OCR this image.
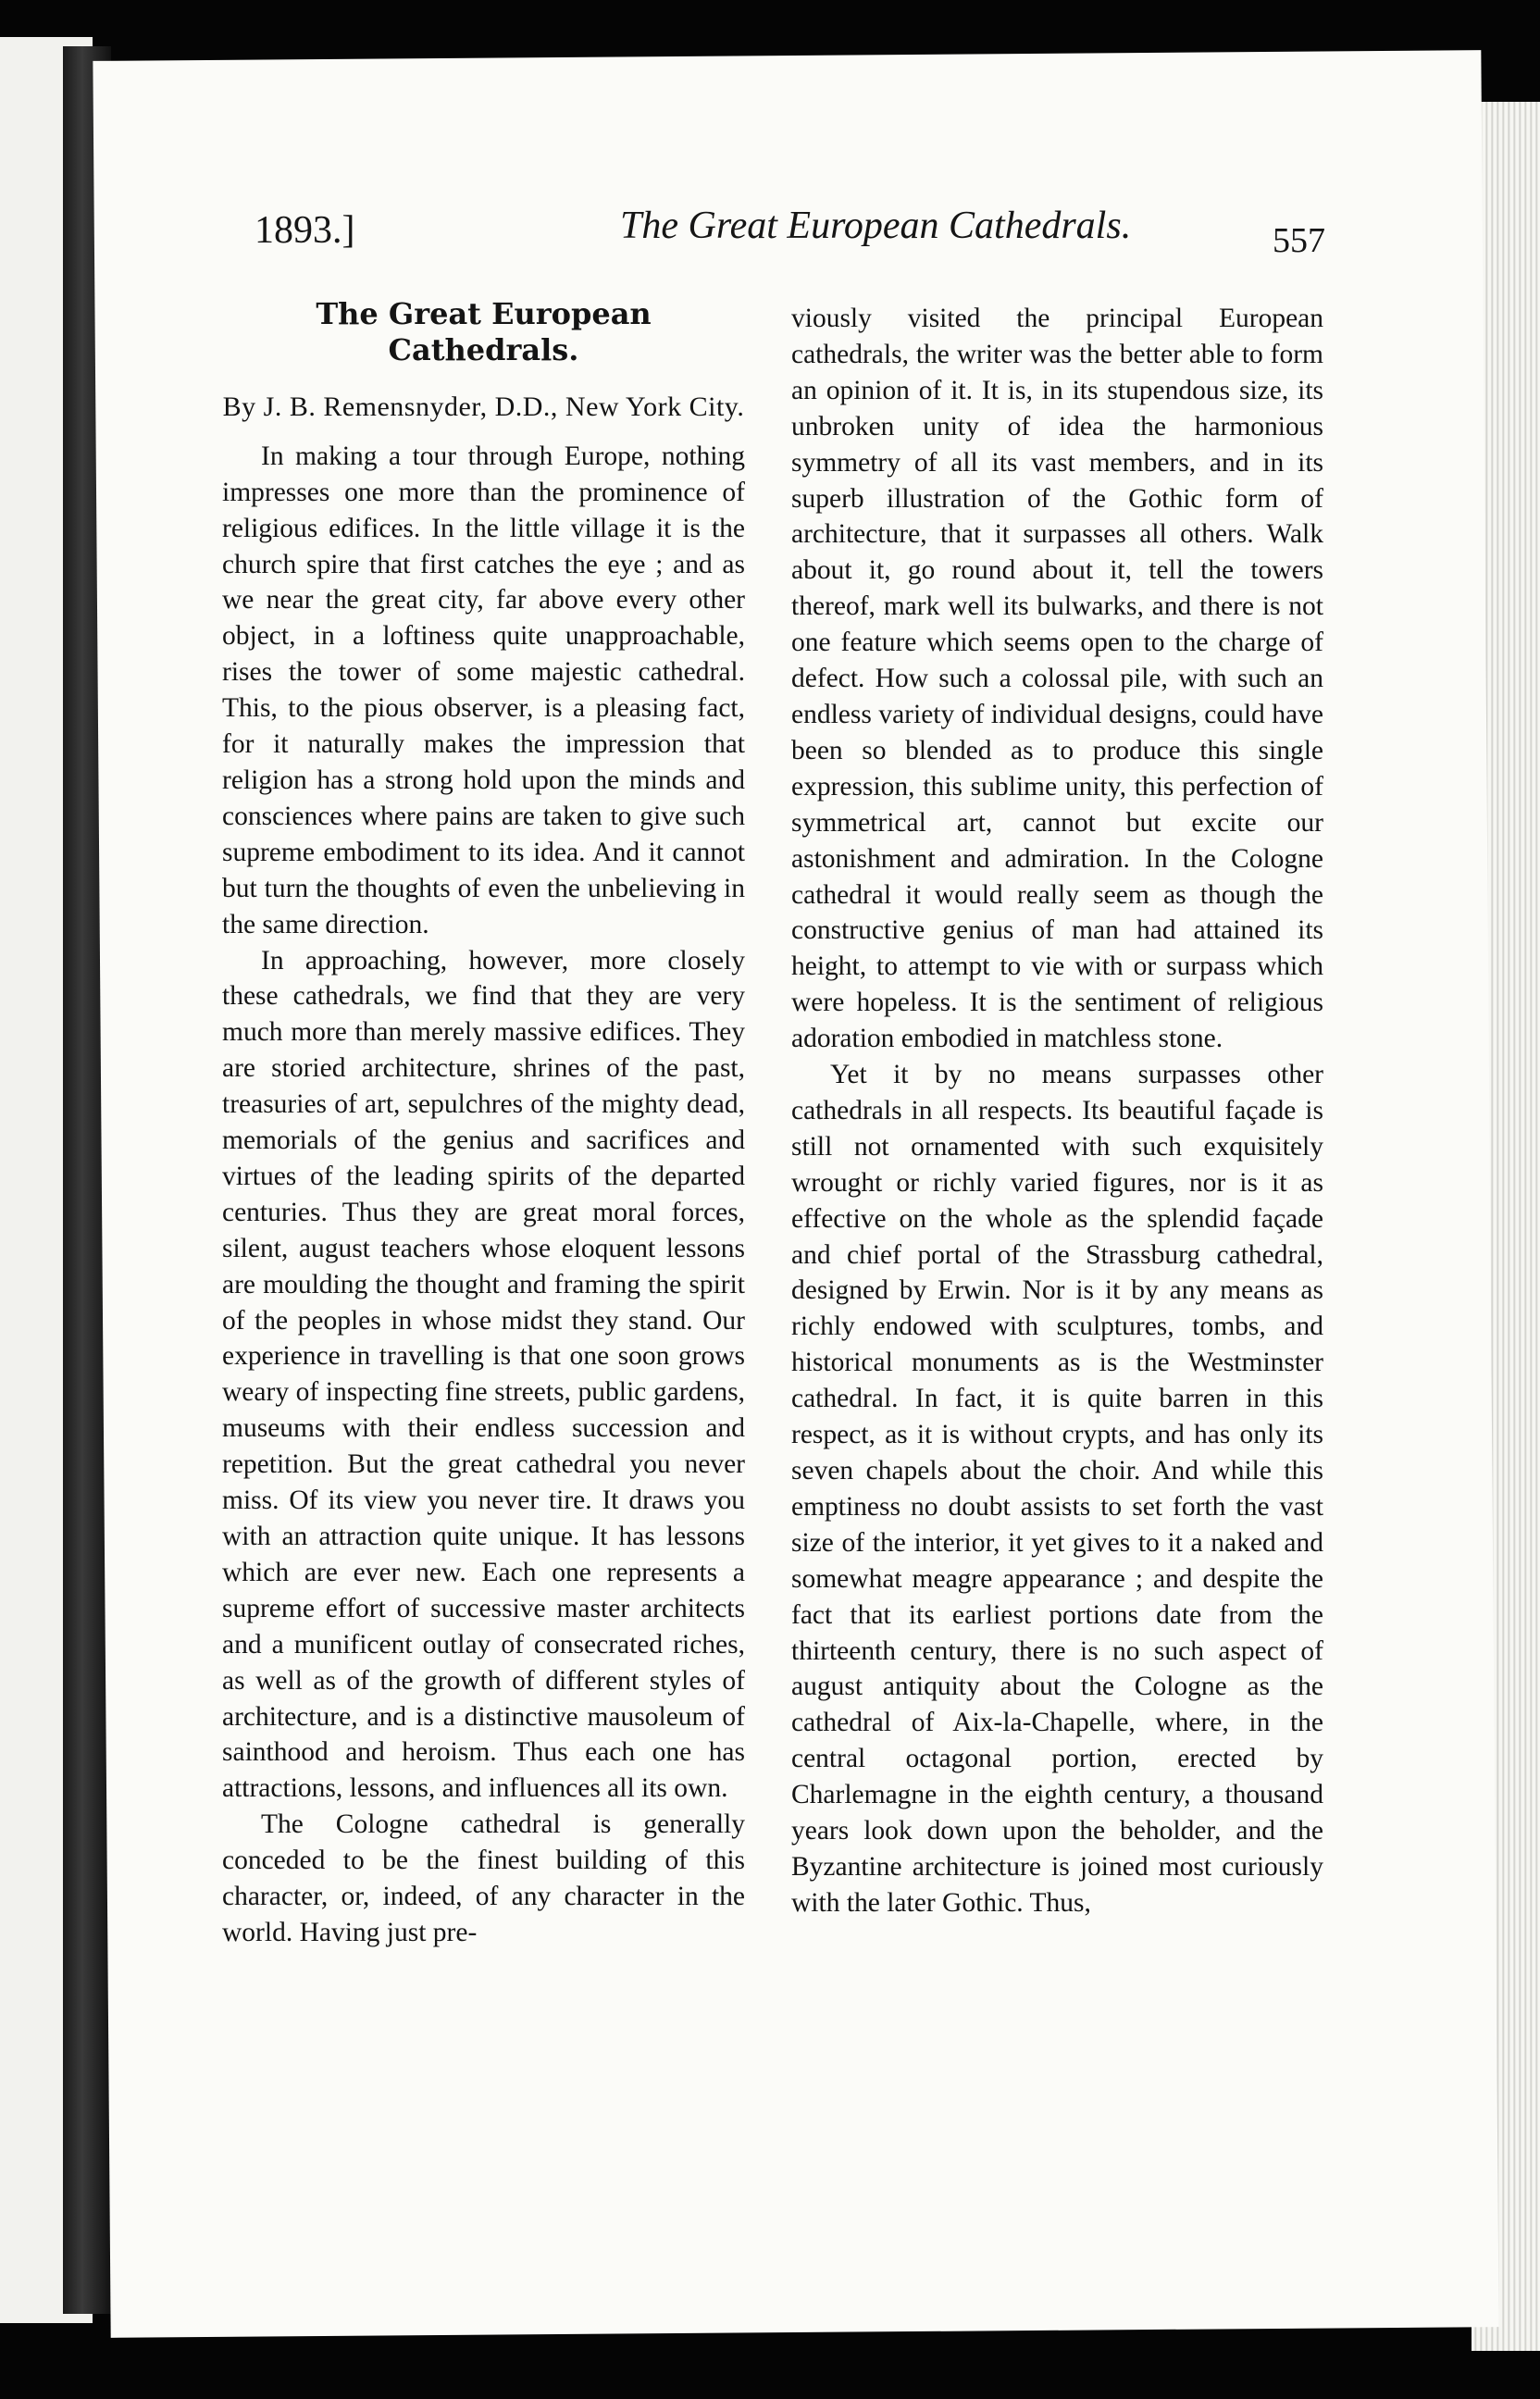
1893.]	The Great European Cathedrals.	557

The Great European Cathedrals.

By J. B. Remensnyder, D.D., New York City.

In making a tour through Europe, nothing impresses one more than the prominence of religious edifices. In the little village it is the church spire that first catches the eye ; and as we near the great city, far above every other object, in a loftiness quite unapproachable, rises the tower of some majestic cathedral. This, to the pious observer, is a pleasing fact, for it naturally makes the impression that religion has a strong hold upon the minds and consciences where pains are taken to give such supreme embodiment to its idea. And it cannot but turn the thoughts of even the unbelieving in the same direction.

In approaching, however, more closely these cathedrals, we find that they are very much more than merely massive edifices. They are storied architecture, shrines of the past, treasuries of art, sepulchres of the mighty dead, memorials of the genius and sacrifices and virtues of the leading spirits of the departed centuries. Thus they are great moral forces, silent, august teachers whose eloquent lessons are moulding the thought and framing the spirit of the peoples in whose midst they stand. Our experience in travelling is that one soon grows weary of inspecting fine streets, public gardens, museums with their endless succession and repetition. But the great cathedral you never miss. Of its view you never tire. It draws you with an attraction quite unique. It has lessons which are ever new. Each one represents a supreme effort of successive master architects and a munificent outlay of consecrated riches, as well as of the growth of different styles of architecture, and is a distinctive mausoleum of sainthood and heroism. Thus each one has attractions, lessons, and influences all its own.

The Cologne cathedral is generally conceded to be the finest building of this character, or, indeed, of any character in the world. Having just pre-

viously visited the principal European cathedrals, the writer was the better able to form an opinion of it. It is, in its stupendous size, its unbroken unity of idea the harmonious symmetry of all its vast members, and in its superb illustration of the Gothic form of architecture, that it surpasses all others. Walk about it, go round about it, tell the towers thereof, mark well its bulwarks, and there is not one feature which seems open to the charge of defect. How such a colossal pile, with such an endless variety of individual designs, could have been so blended as to produce this single expression, this sublime unity, this perfection of symmetrical art, cannot but excite our astonishment and admiration. In the Cologne cathedral it would really seem as though the constructive genius of man had attained its height, to attempt to vie with or surpass which were hopeless. It is the sentiment of religious adoration embodied in matchless stone.

Yet it by no means surpasses other cathedrals in all respects. Its beautiful façade is still not ornamented with such exquisitely wrought or richly varied figures, nor is it as effective on the whole as the splendid façade and chief portal of the Strassburg cathedral, designed by Erwin. Nor is it by any means as richly endowed with sculptures, tombs, and historical monuments as is the Westminster cathedral. In fact, it is quite barren in this respect, as it is without crypts, and has only its seven chapels about the choir. And while this emptiness no doubt assists to set forth the vast size of the interior, it yet gives to it a naked and somewhat meagre appearance ; and despite the fact that its earliest portions date from the thirteenth century, there is no such aspect of august antiquity about the Cologne as the cathedral of Aix-la-Chapelle, where, in the central octagonal portion, erected by Charlemagne in the eighth century, a thousand years look down upon the beholder, and the Byzantine architecture is joined most curiously with the later Gothic. Thus,
